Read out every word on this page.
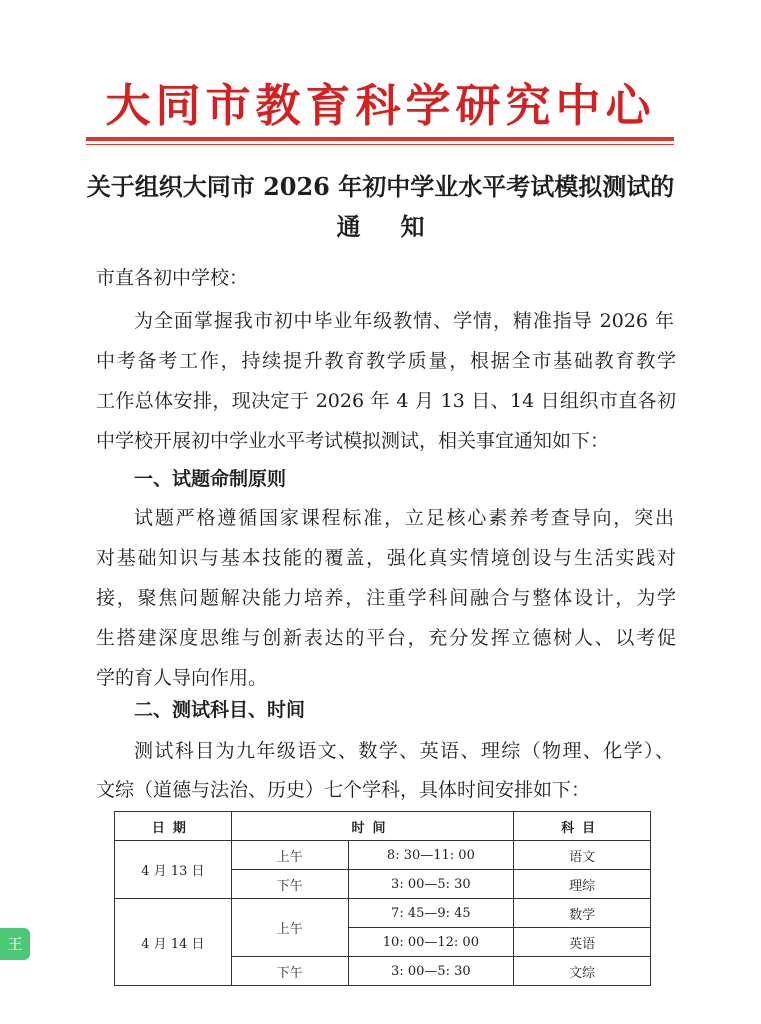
大同市教育科学研究中心
关于组织大同市 2026 年初中学业水平考试模拟测试的
通 知
市直各初中学校：
为全面掌握我市初中毕业年级教情、学情，精准指导 2026 年
中考备考工作，持续提升教育教学质量，根据全市基础教育教学
工作总体安排，现决定于 2026 年 4 月 13 日、14 日组织市直各初
中学校开展初中学业水平考试模拟测试，相关事宜通知如下：
一、试题命制原则
试题严格遵循国家课程标准，立足核心素养考查导向，突出
对基础知识与基本技能的覆盖，强化真实情境创设与生活实践对
接，聚焦问题解决能力培养，注重学科间融合与整体设计，为学
生搭建深度思维与创新表达的平台，充分发挥立德树人、以考促
学的育人导向作用。
二、测试科目、时间
测试科目为九年级语文、数学、英语、理综（物理、化学）、
文综（道德与法治、历史）七个学科，具体时间安排如下：
日期	时间		科目
4 月 13 日	上午	8: 30—11: 00	语文
	下午	3: 00—5: 30	理综
4 月 14 日	上午	7: 45—9: 45	数学
		10: 00—12: 00	英语
	下午	3: 00—5: 30	文综
王
